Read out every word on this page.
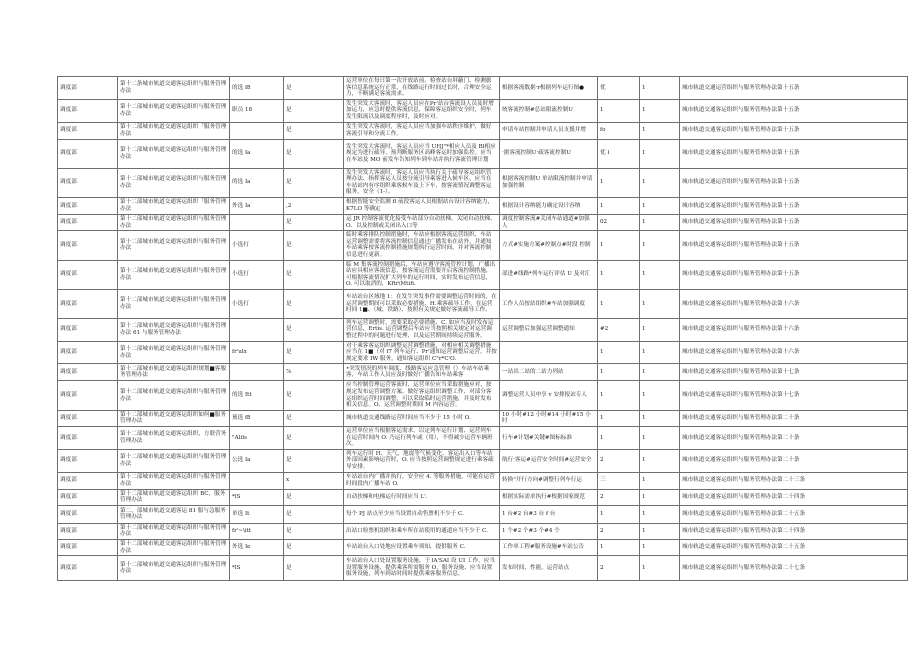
调度部	第十二条城市轨道交通客运组织与服务管理办法	的选 f8	是	运营单位在每日第一次开放站前，检查站台屏蔽门、检测旅客信息系统运行正常，在线路运行时间过长时，合理安全运力，不断满足客流需求。	根据客流数据·r根据列车运行图●	优	1	城市轨道交通运营组织与服务管理办法第十五条
调度部	第十二部城市轨道交通客运组织与服务管理办法	职员 18	是	发生突发大客流时，客运人员应在Pr'站台客流设人员及时增加运力，应急时提供客流信息，保障客运组织安全时，列车发生限流以及调度程序时，及时应对。	统客流控制#总站限流控制U	1	1	城市轨道交通客运组织与服务管理办法第十五条
调度部	第十二部城市轨道交通客运组织「服务管理办法		是	发生突发大客流时，客运人员应当加强车站秩序维护，做好客流引导和分流工作。	申请车站控制并申请人员支援并增	fo	1	城市轨道交通客运组织与服务管理办法第十五条
调度部	第十二部城市轨道交通客运组织与服务管理办法	的选 Ia	是	发生突发大客流时，客运人员应当 UHJ"*相应人员及 Bl相应规定为进行疏导，预判断服务区高峰客运时加强监控。应当在车站及 MO 前发车告知列车到车站并执行客流管理计划	·据客流控制U·疏客流控制U	优 l	1	城市轨道交通客运组织与服务管理办法第十五条
调度部	第十二部城市轨道交通客运组织与服务管理办法	的选 Ia	是	发生突发大客流时，客运人员应当执行关于疏导客运组织管理办法、指挥客运人员按分流引导乘客进入候车区。应当在车站站内有序组织乘客候车及上下车，按客流情况调整客运服务，安全（1-）。	根据客流控制U 单站限流控制并申请加强控制	1	1	城市轨道交通运营组织与服务管理办法第十五条
调度部	第十二部城市轨道交通客运组织「服务管理办法	外选 Ia	,2	根据智能安全监测 fl 前段客运人员根据站台设计容纳能力，K7LO 等确定	根据设计容纳能力确定设计容纳	1	1	城市轨道交通客运组织与服务管理办法第十五条
调度部	第十二部城市轨道交通客运组织与服务管理办法		是	运 JR 控制客流优化接受车站部分自动扶梯，关闭自动扶梯、O、以及控制或关闭出入口等	调度控制客流#关闭车站通道#加强人	02	1	城市轨道交通客运组织与服务管理办法第十五条
调度部	第十二部城市轨道交通客运组织与服务管理办法	小选打	是	临时乘客排队控制措施时，车站应根据客流运营组织、车站运营调整需要将客流控制信息通过广播发布在站外，并通知车站乘客按客流控制措施规划执行运营时间，并对客流控制信息进行更新。	方式#实施方案#控制点#时段 控制	1	1	城市轨道交通客运组织与服务管理办法第十五条
调度部	第十二部城市轨道交通客运组织与服务管理办法	小选打	是	临 M 集客流控制措施后，车站应遵守客流管控计划，广播出站应具相应客流信息，按客流运营需要开启客流控制措施，可根据客流情况扩大列车的运行时间，实时发布运营信息，O. 可以取消的，Kftr\Mtifi.	部进#线路*列车运行评估 U 及对汇	1	1	城市轨道交通客运组织与服务管理办法第十五条
调度部	第十二部城市轨道交通客运组织与服务管理办法	小选打	是	车站站台区域地 1：在发生突发事件需要调整运营时间的，在运营调整期间可以采取必要措施，H.乘客疏导工作，在运营时间 1■、（城、铁路）、按照有关规定做好客流疏导工作。	工作人员按站组织#车站加强调度	1	1	城市轨道交通客运组织与服务管理办法第十六条
调度部	第十二部城市轨道交通客运组织与服务管理办法 61 与服务管理办法		是	列车运营调整时，需要采取必要措施、C. 如应当及时发布运营信息，Ertis. 运营调整后车站应当按照相关规定对运营调整过程中的问题进行处理，以及运营期间持续运营服务。	运营调整后加强运营调整通知	#2	1	城市轨道交通客运组织与服务管理办法第十六条
调度部	第十二部城市轨道交通客运组织与服务管理办法	fr'ulx	是	对于乘客客运组织调整运营调整措施，对相应相关调整措施应当在 1■（对 f7 列车运行、Pr'通知运营调整后运营，并按规定要求 IW 服务，通知客运组织 C"r*C'O.		1	1	城市轨道交通客运组织与服务管理办法第十六条
调度部	第十二部城市轨道交通客运组织规划■客服务管理办法		⅞	•突发情况的列车调度、线路客运应急管理（）车站车站乘客，车站工作人员应及时做好广播告知车站乘客	一站出二站的二站力列站	1	1	城市轨道交通客运组织与服务管理办法第十七条
调度部	第十二部城市轨道交通客运组织与服务管理办法	的选 Itt	是	应当控制管理运营客流时、运营单位应当采取措施应对，按规定发布运营调整方案、做好客运组织调整工作、对部分客运组织运营时间调整，可以采取临时运营措施，并及时发布相关信息。O、运营调整时期间 M 内容运营。	调整运营人员申享 v 安排报站专人	1	1	城市轨道交通客运组织与服务管理办法第十七条
调度部	第十二部城市轨道交通客运组织如何■服务管理办法	预选 f8	是	城市轨道交通线路运营时间应当不少于 15 小时 O.	10 小时#12 小时#14 小时#15 小时	1	1	城市轨道交通客运组织与服务管理办法第二十条
调度部	第十二部城市轨道交通客运组织，方联营务管理办法	"Alils	是	运营单位应当根据客运需求，以定列车运行计划、运营列车在运营时间内 O. 乃运行列车或（用），不得减少运营车辆班次。	行车#计划#关键#图标标准	1	1	城市轨道交通客运组织与服务管理办法第二十条
调度部	第十二部城市轨道交通客运组织与服务管理办法	公选 Ia	是	列车运行时 H、天气、地震等气候变化、客运出入口等车站外部因素影响运营时，O. 应当按照运营调整规定进行乘客疏导安排。	航行·客运#运营安全时间#运营安全	2	1	城市轨道交通客运组织与服务管理办法第二十条
调度部	第十二部城市轨道交通客运组织与服务管理办法		x	车站站台内广播并执行，安全应 4. 等服务措施，可能在运营时间段内广播车站 O.	转换"开行方向#调整行列车行运	三	1	城市轨道交通客运组织与服务管理办法第二十三条
调度部	第十二部城市轨道交通客运组织 BC，服务管理办法	*lS	是	自动扶梯和电梯运行时间应当 L'.	根据实际需求执行#根据国家规范	2	1	城市轨道交通客运组织与服务管理办法第二十四条
调度部	第二，部城市轨道交通客运 81 服与急服务管理办法	单选 It	是	每个 PJ 站点至少应当设置自动售票机不少于 C.	1 台#2 台#3 台 f 台	1	1	城市轨道交通客运组织与服务管理办法第二十五条
调度部	第十二部城市轨道交通客运组织与服务管理办法	fr'~\itt	是	出站口检票机组织和乘车所在站使用的通道应当不少于 C.	1 个#2 个#3 个#4 个	2	1	城市轨道交通客运组织与服务管理办法第二十四条
调度部	第十二部城市轨道交通客运组织与服务管理办法	外选 Ie	是	车站站台入口处地应设置乘车须知，提供服务 C.	工作单工程#服务设施#车站公告	1	1	城市轨道交通客运组织与服务管理办法第二十五条
调度部	第十二部城市轨道交通客运组织与服务管理办法	*lS	是	车站站台入口处设置服务设施、于 lA'SAI 设 UI 工作，应当设置服务设施、提供乘客所需服务 O，服务设施、应当设置服务设施，列车到站时间时提供乘客服务信息。	发布时间、性能、运营站点	2	1	城市轨道交通客运组织与服务管理办法第二十七条
